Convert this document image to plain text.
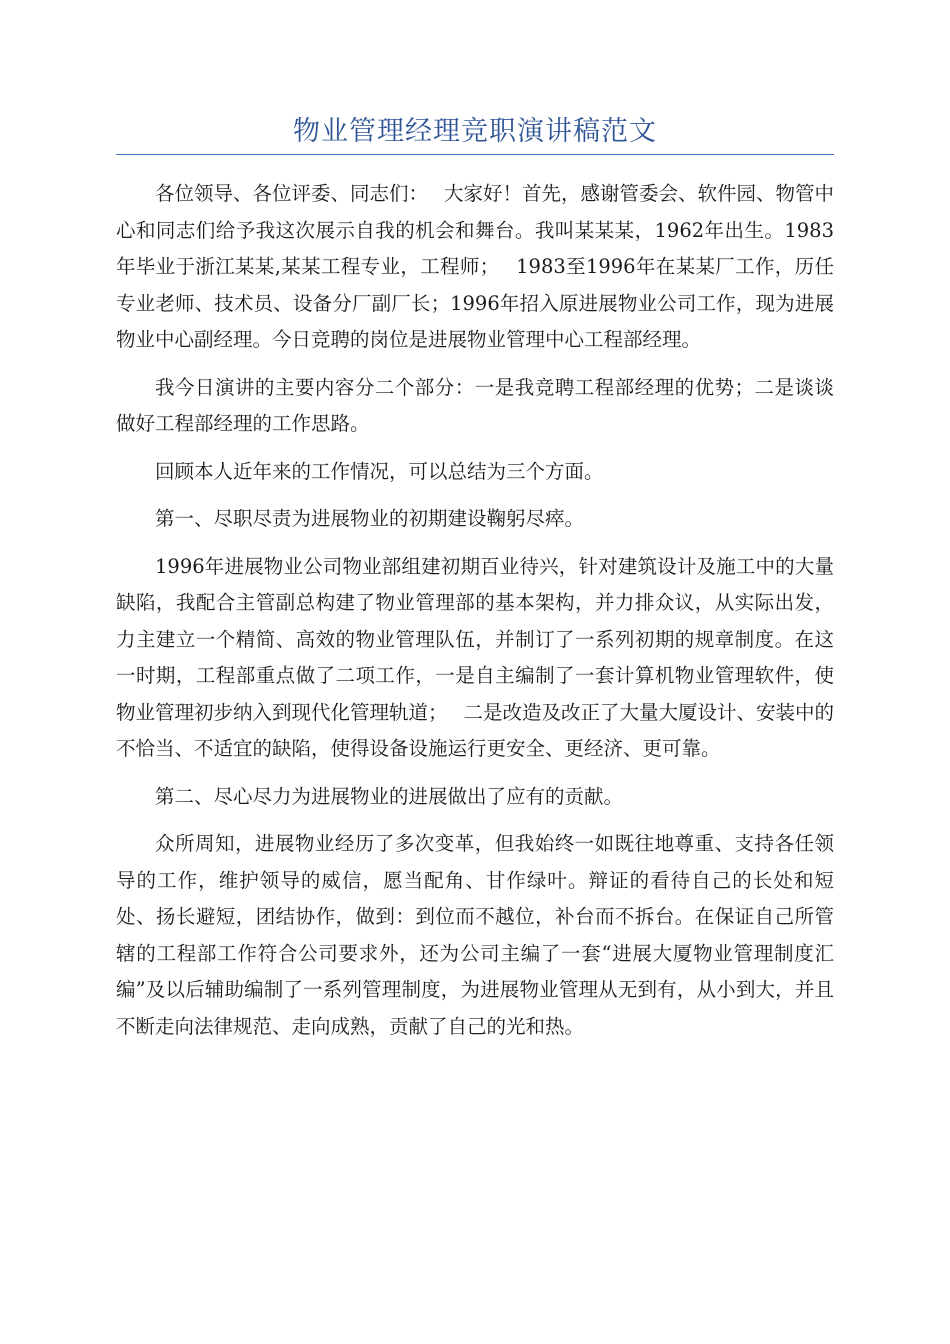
物业管理经理竞职演讲稿范文

各位领导、各位评委、同志们：　 大家好！首先，感谢管委会、软件园、物管中心和同志们给予我这次展示自我的机会和舞台。我叫某某某，1962年出生。1983年毕业于浙江某某,某某工程专业，工程师；　 1983至1996年在某某厂工作，历任专业老师、技术员、设备分厂副厂长；1996年招入原进展物业公司工作，现为进展物业中心副经理。今日竞聘的岗位是进展物业管理中心工程部经理。

我今日演讲的主要内容分二个部分：一是我竞聘工程部经理的优势；二是谈谈做好工程部经理的工作思路。

回顾本人近年来的工作情况，可以总结为三个方面。

第一、尽职尽责为进展物业的初期建设鞠躬尽瘁。

1996年进展物业公司物业部组建初期百业待兴，针对建筑设计及施工中的大量缺陷，我配合主管副总构建了物业管理部的基本架构，并力排众议，从实际出发，力主建立一个精简、高效的物业管理队伍，并制订了一系列初期的规章制度。在这一时期，工程部重点做了二项工作，一是自主编制了一套计算机物业管理软件，使物业管理初步纳入到现代化管理轨道；　 二是改造及改正了大量大厦设计、安装中的不恰当、不适宜的缺陷，使得设备设施运行更安全、更经济、更可靠。

第二、尽心尽力为进展物业的进展做出了应有的贡献。

众所周知，进展物业经历了多次变革，但我始终一如既往地尊重、支持各任领导的工作，维护领导的威信，愿当配角、甘作绿叶。辩证的看待自己的长处和短处、扬长避短，团结协作，做到：到位而不越位，补台而不拆台。在保证自己所管辖的工程部工作符合公司要求外，还为公司主编了一套“进展大厦物业管理制度汇编”及以后辅助编制了一系列管理制度，为进展物业管理从无到有，从小到大，并且不断走向法律规范、走向成熟，贡献了自己的光和热。
